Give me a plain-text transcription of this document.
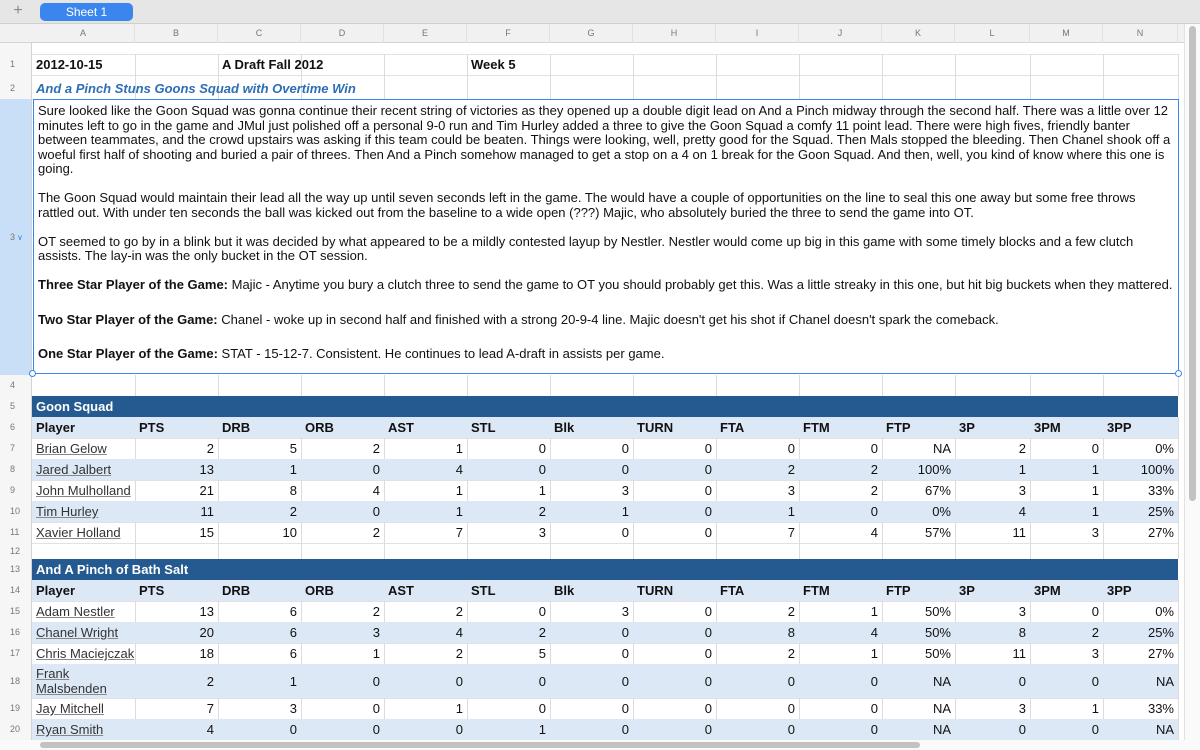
+	Sheet 1
A	B	C	D	E	F	G	H	I	J	K	L	M	N
1
2
3 ∨
4
5
6
7
8
9
10
11
12
13
14
15
16
17
18
19
20
2012-10-15	A Draft Fall 2012	Week 5
And a Pinch Stuns Goons Squad with Overtime Win
Goon Squad
Player	PTS	DRB	ORB	AST	STL	Blk	TURN	FTA	FTM	FTP	3P	3PM	3PP
Brian Gelow	2	5	2	1	0	0	0	0	0	NA	2	0	0%
Jared Jalbert	13	1	0	4	0	0	0	2	2	100%	1	1	100%
John Mulholland	21	8	4	1	1	3	0	3	2	67%	3	1	33%
Tim Hurley	11	2	0	1	2	1	0	1	0	0%	4	1	25%
Xavier Holland	15	10	2	7	3	0	0	7	4	57%	11	3	27%
And A Pinch of Bath Salt
Player	PTS	DRB	ORB	AST	STL	Blk	TURN	FTA	FTM	FTP	3P	3PM	3PP
Adam Nestler	13	6	2	2	0	3	0	2	1	50%	3	0	0%
Chanel Wright	20	6	3	4	2	0	0	8	4	50%	8	2	25%
Chris Maciejczak	18	6	1	2	5	0	0	2	1	50%	11	3	27%
Frank Malsbenden	2	1	0	0	0	0	0	0	0	NA	0	0	NA
Jay Mitchell	7	3	0	1	0	0	0	0	0	NA	3	1	33%
Ryan Smith	4	0	0	0	1	0	0	0	0	NA	0	0	NA

Sure looked like the Goon Squad was gonna continue their recent string of victories as they opened up a double digit lead on And a Pinch midway through the second half. There was a little over 12 minutes left to go in the game and JMul just polished off a personal 9-0 run and Tim Hurley added a three to give the Goon Squad a comfy 11 point lead. There were high fives, friendly banter between teammates, and the crowd upstairs was asking if this team could be beaten. Things were looking, well, pretty good for the Squad. Then Mals stopped the bleeding. Then Chanel shook off a woeful first half of shooting and buried a pair of threes. Then And a Pinch somehow managed to get a stop on a 4 on 1 break for the Goon Squad. And then, well, you kind of know where this one is going.

The Goon Squad would maintain their lead all the way up until seven seconds left in the game. The would have a couple of opportunities on the line to seal this one away but some free throws rattled out. With under ten seconds the ball was kicked out from the baseline to a wide open (???) Majic, who absolutely buried the three to send the game into OT.

OT seemed to go by in a blink but it was decided by what appeared to be a mildly contested layup by Nestler. Nestler would come up big in this game with some timely blocks and a few clutch assists. The lay-in was the only bucket in the OT session.

Three Star Player of the Game: Majic - Anytime you bury a clutch three to send the game to OT you should probably get this. Was a little streaky in this one, but hit big buckets when they mattered.

Two Star Player of the Game: Chanel - woke up in second half and finished with a strong 20-9-4 line. Majic doesn't get his shot if Chanel doesn't spark the comeback.

One Star Player of the Game: STAT - 15-12-7. Consistent. He continues to lead A-draft in assists per game.
